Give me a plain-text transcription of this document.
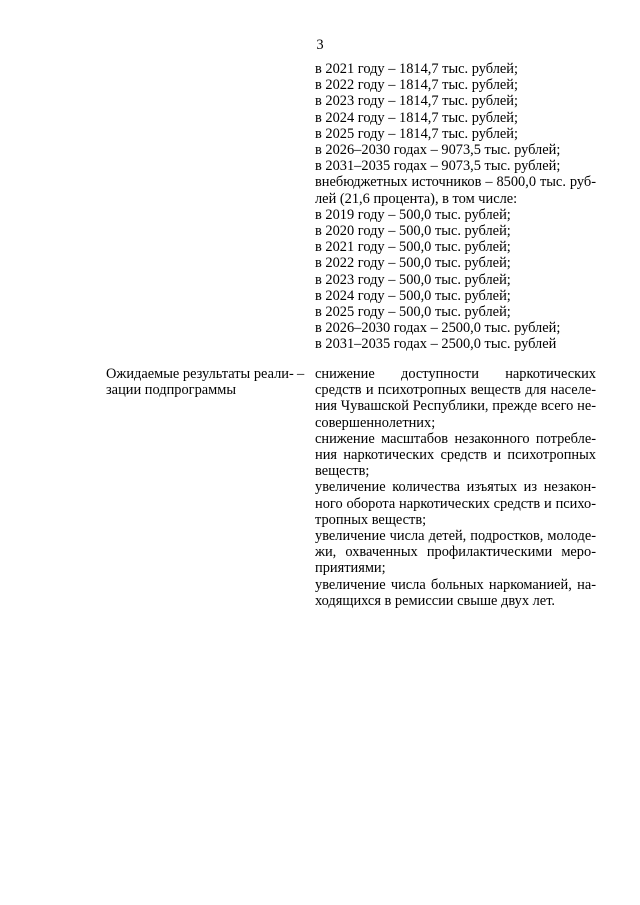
3
в 2021 году – 1814,7 тыс. рублей;
в 2022 году – 1814,7 тыс. рублей;
в 2023 году – 1814,7 тыс. рублей;
в 2024 году – 1814,7 тыс. рублей;
в 2025 году – 1814,7 тыс. рублей;
в 2026–2030 годах – 9073,5 тыс. рублей;
в 2031–2035 годах – 9073,5 тыс. рублей;
внебюджетных источников – 8500,0 тыс. руб-
лей (21,6 процента), в том числе:
в 2019 году – 500,0 тыс. рублей;
в 2020 году – 500,0 тыс. рублей;
в 2021 году – 500,0 тыс. рублей;
в 2022 году – 500,0 тыс. рублей;
в 2023 году – 500,0 тыс. рублей;
в 2024 году – 500,0 тыс. рублей;
в 2025 году – 500,0 тыс. рублей;
в 2026–2030 годах – 2500,0 тыс. рублей;
в 2031–2035 годах – 2500,0 тыс. рублей
Ожидаемые результаты реали-
зации подпрограммы
– снижение доступности наркотических
средств и психотропных веществ для населе-
ния Чувашской Республики, прежде всего не-
совершеннолетних;
снижение масштабов незаконного потребле-
ния наркотических средств и психотропных
веществ;
увеличение количества изъятых из незакон-
ного оборота наркотических средств и психо-
тропных веществ;
увеличение числа детей, подростков, молоде-
жи, охваченных профилактическими меро-
приятиями;
увеличение числа больных наркоманией, на-
ходящихся в ремиссии свыше двух лет.
